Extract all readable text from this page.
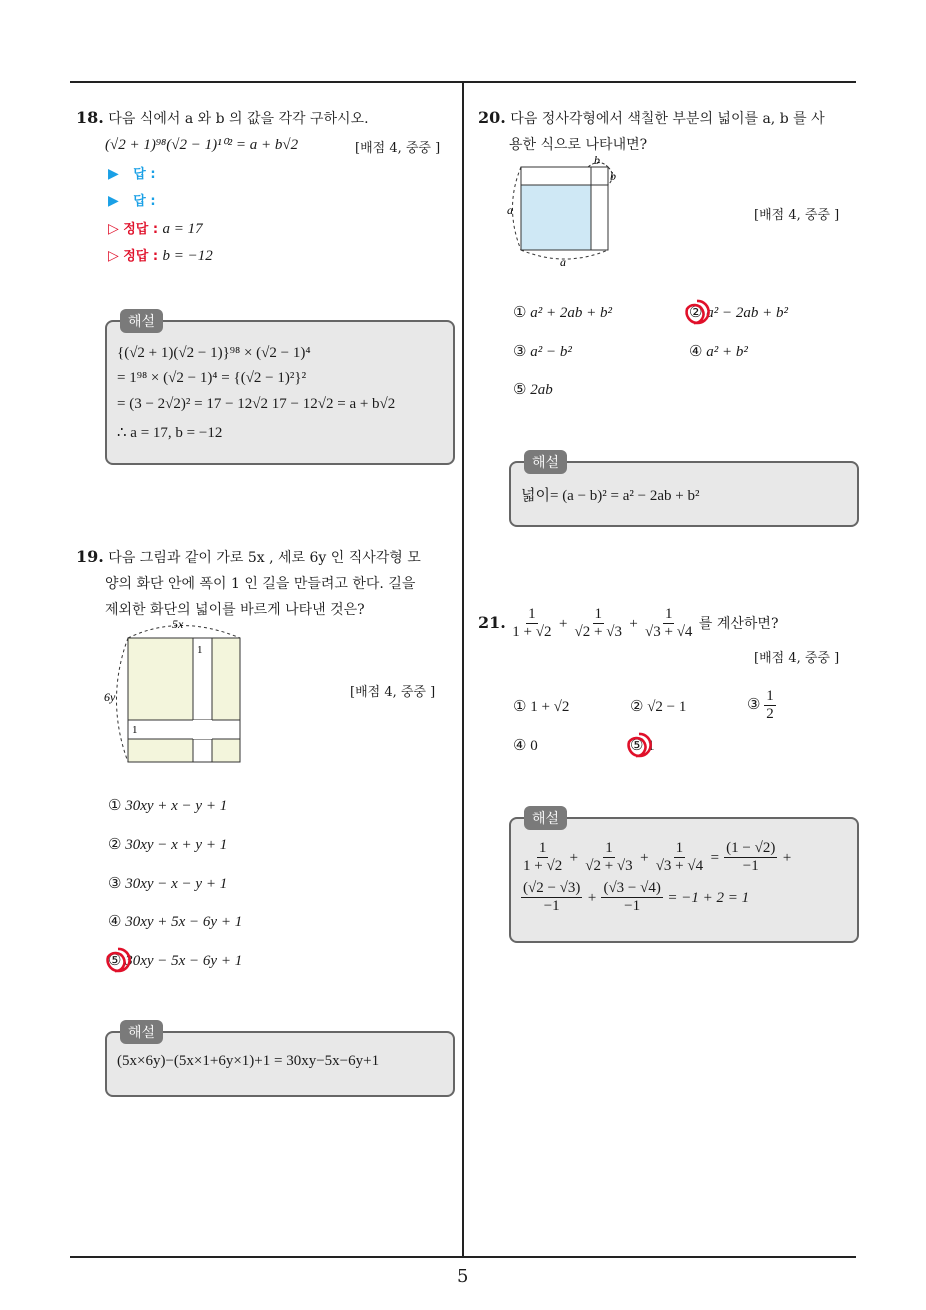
5
18. 다음 식에서 a 와 b 의 값을 각각 구하시오.
(√2 + 1)⁹⁸(√2 − 1)¹⁰² = a + b√2	[배점 4, 중중 ]
▶ 답 :
▶ 답 :
▷ 정답 : a = 17
▷ 정답 : b = −12
해설
{(√2 + 1)(√2 − 1)}⁹⁸ × (√2 − 1)⁴
= 1⁹⁸ × (√2 − 1)⁴ = {(√2 − 1)²}²
= (3 − 2√2)² = 17 − 12√2 17 − 12√2 = a + b√2
∴ a = 17, b = −12
19. 다음 그림과 같이 가로 5x , 세로 6y 인 직사각형 모
양의 화단 안에 폭이 1 인 길을 만들려고 한다. 길을
제외한 화단의 넓이를 바르게 나타낸 것은?
5x
6y
1
1
[배점 4, 중중 ]
① 30xy + x − y + 1
② 30xy − x + y + 1
③ 30xy − x − y + 1
④ 30xy + 5x − 6y + 1
⑤ 30xy − 5x − 6y + 1
해설
(5x×6y)−(5x×1+6y×1)+1 = 30xy−5x−6y+1
20. 다음 정사각형에서 색칠한 부분의 넓이를 a, b 를 사
용한 식으로 나타내면?
b
b
a
a
[배점 4, 중중 ]
① a² + 2ab + b²	② a² − 2ab + b²
③ a² − b²	④ a² + b²
⑤ 2ab
해설
넓이= (a − b)² = a² − 2ab + b²
21. $\frac{1}{1 + √2} + \frac{1}{√2 + √3} + \frac{1}{√3 + √4}$ 를 계산하면?
[배점 4, 중중 ]
① 1 + √2	② √2 − 1	③ $\frac{1}{2}$
④ 0	⑤ 1
해설
$\frac{1}{1 + √2} + \frac{1}{√2 + √3} + \frac{1}{√3 + √4} = \frac{(1 - √2)}{-1}$ +
$\frac{(√2 - √3)}{-1} + \frac{(√3 - √4)}{-1} = -1 + 2 = 1$
